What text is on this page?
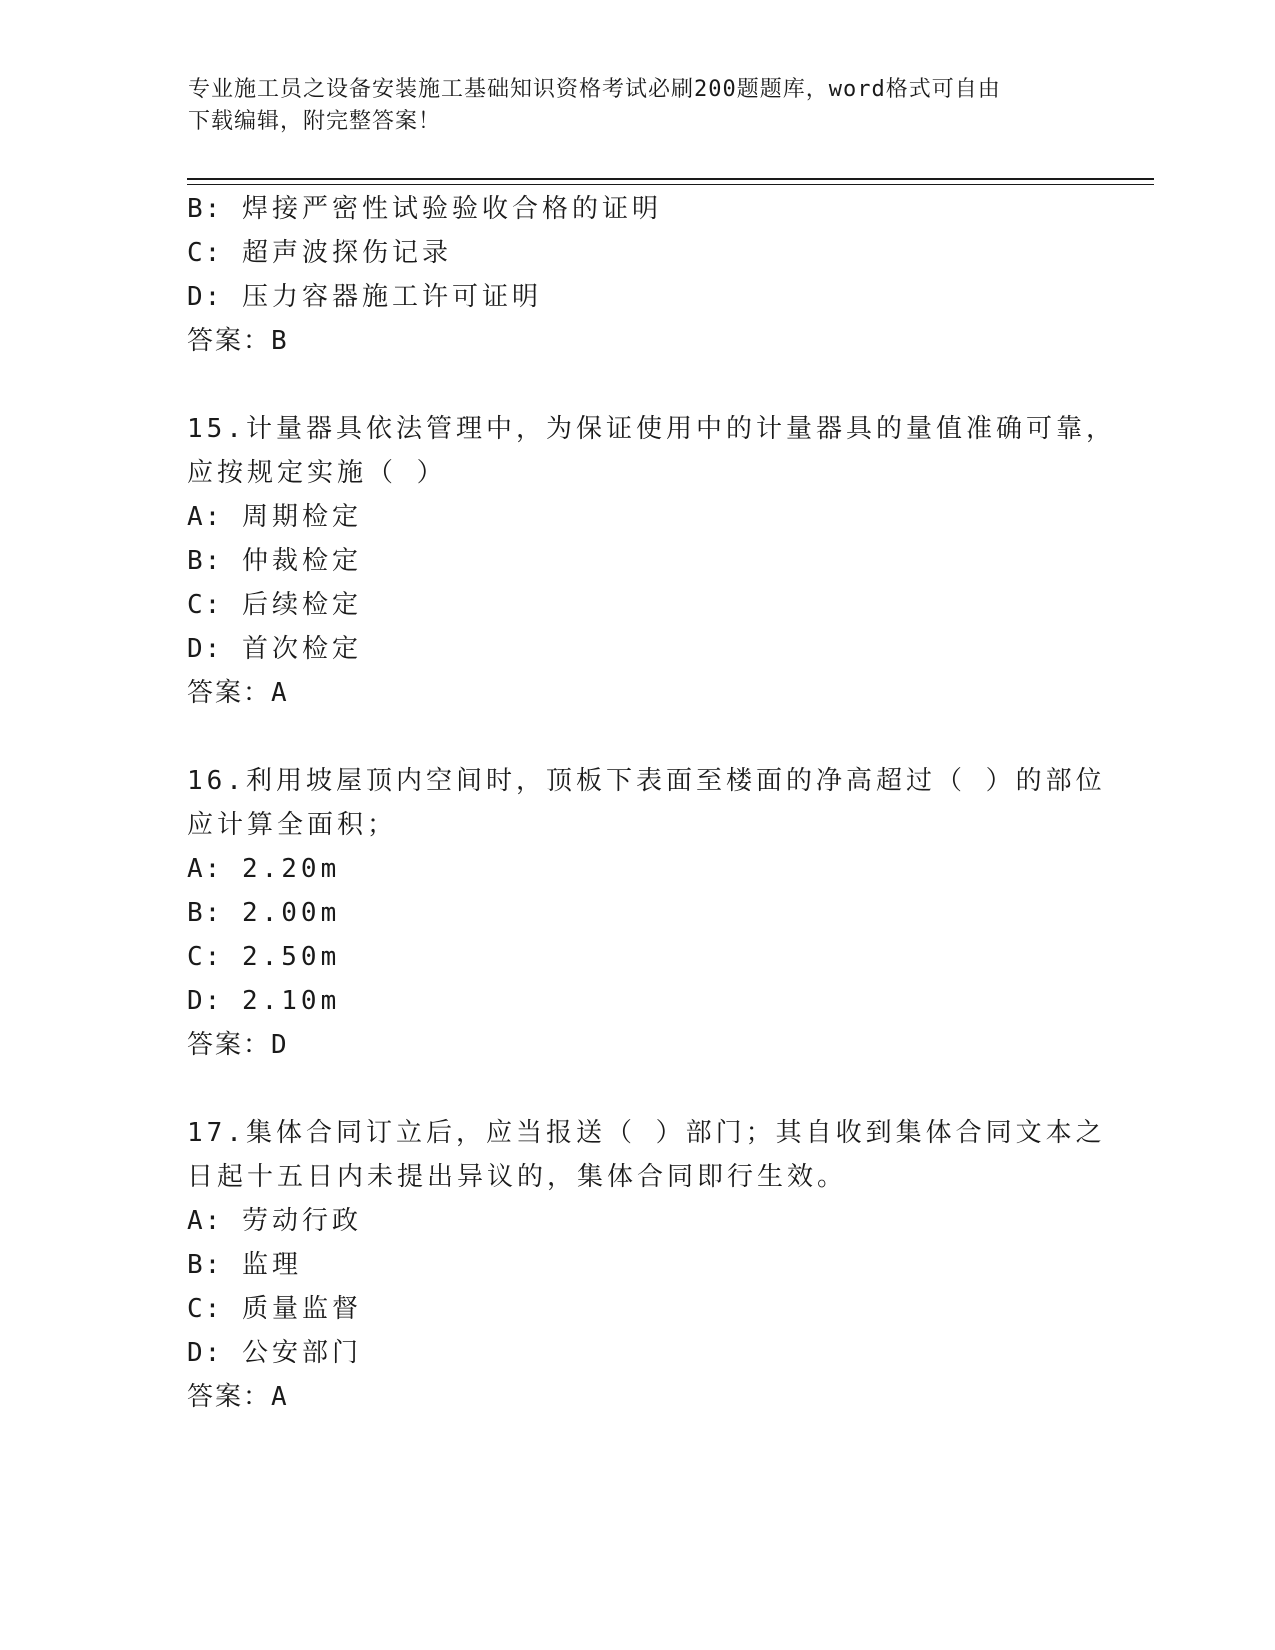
专业施工员之设备安装施工基础知识资格考试必刷200题题库，word格式可自由
下载编辑，附完整答案！
B: 焊接严密性试验验收合格的证明
C: 超声波探伤记录
D: 压力容器施工许可证明
答案：B
15.计量器具依法管理中，为保证使用中的计量器具的量值准确可靠，
应按规定实施（ ）
A: 周期检定
B: 仲裁检定
C: 后续检定
D: 首次检定
答案：A
16.利用坡屋顶内空间时，顶板下表面至楼面的净高超过（ ）的部位
应计算全面积；
A: 2.20m
B: 2.00m
C: 2.50m
D: 2.10m
答案：D
17.集体合同订立后，应当报送（ ）部门；其自收到集体合同文本之
日起十五日内未提出异议的，集体合同即行生效。
A: 劳动行政
B: 监理
C: 质量监督
D: 公安部门
答案：A
